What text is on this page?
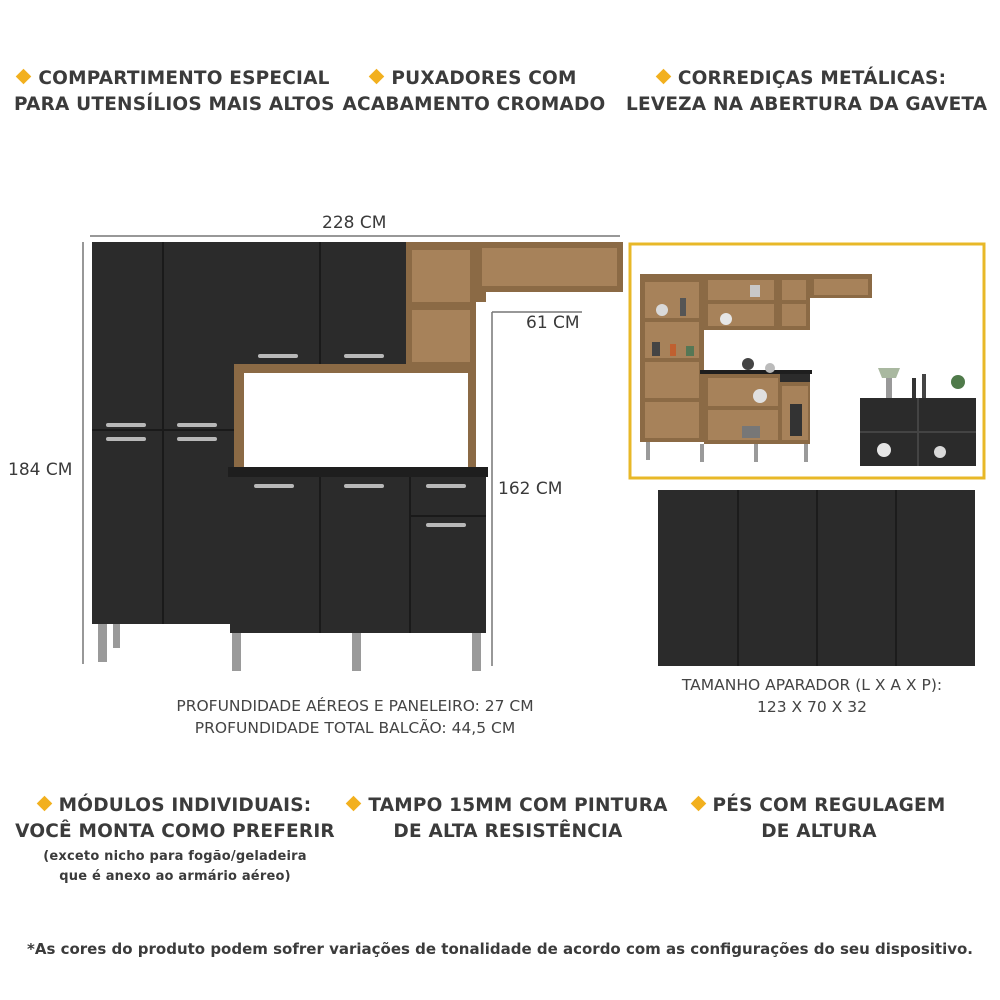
COMPARTIMENTO ESPECIAL
PARA UTENSÍLIOS MAIS ALTOS
PUXADORES COM
ACABAMENTO CROMADO
CORREDIÇAS METÁLICAS:
LEVEZA NA ABERTURA DA GAVETA
228 CM
184 CM
61 CM
162 CM
PROFUNDIDADE AÉREOS E PANELEIRO: 27 CM
PROFUNDIDADE TOTAL BALCÃO: 44,5 CM
TAMANHO APARADOR (L X A X P):
123 X 70 X 32
MÓDULOS INDIVIDUAIS:
VOCÊ MONTA COMO PREFERIR
(exceto nicho para fogão/geladeira
que é anexo ao armário aéreo)
TAMPO 15MM COM PINTURA
DE ALTA RESISTÊNCIA
PÉS COM REGULAGEM
DE ALTURA
*As cores do produto podem sofrer variações de tonalidade de acordo com as configurações do seu dispositivo.
